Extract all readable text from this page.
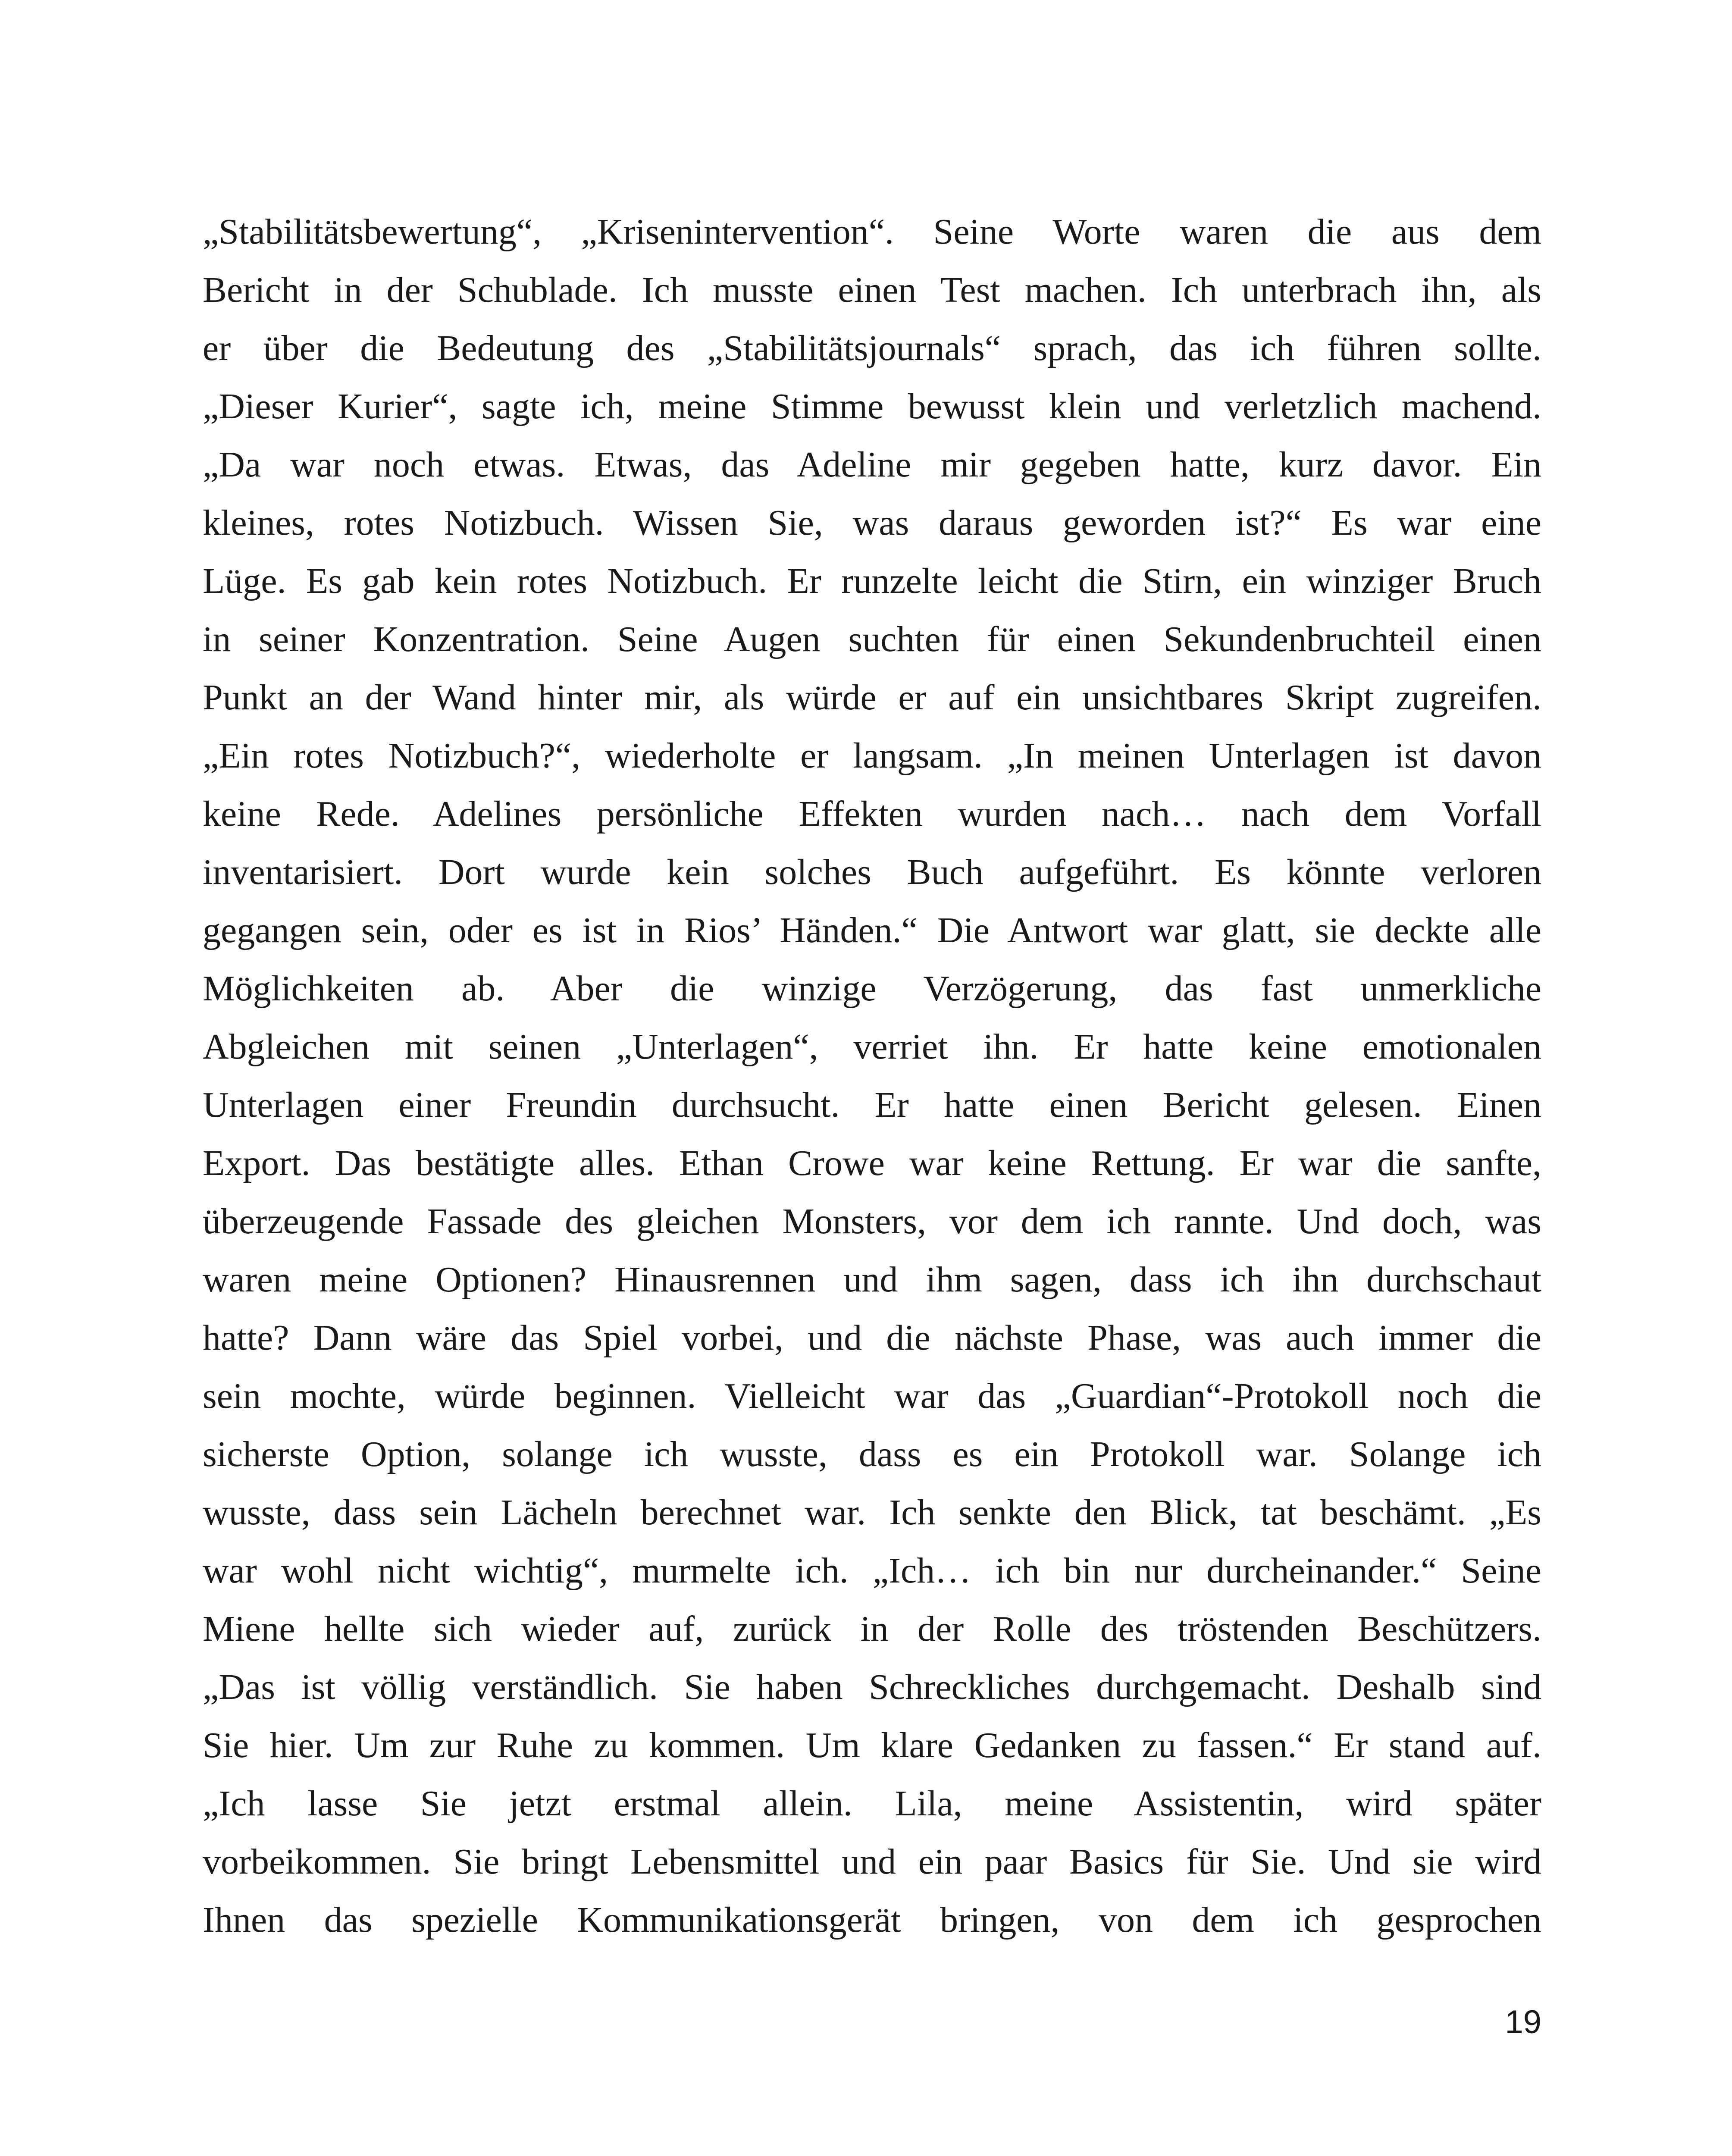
„Stabilitätsbewertung“, „Krisenintervention“. Seine Worte waren die aus dem
Bericht in der Schublade. Ich musste einen Test machen. Ich unterbrach ihn, als
er über die Bedeutung des „Stabilitätsjournals“ sprach, das ich führen sollte.
„Dieser Kurier“, sagte ich, meine Stimme bewusst klein und verletzlich machend.
„Da war noch etwas. Etwas, das Adeline mir gegeben hatte, kurz davor. Ein
kleines, rotes Notizbuch. Wissen Sie, was daraus geworden ist?“ Es war eine
Lüge. Es gab kein rotes Notizbuch. Er runzelte leicht die Stirn, ein winziger Bruch
in seiner Konzentration. Seine Augen suchten für einen Sekundenbruchteil einen
Punkt an der Wand hinter mir, als würde er auf ein unsichtbares Skript zugreifen.
„Ein rotes Notizbuch?“, wiederholte er langsam. „In meinen Unterlagen ist davon
keine Rede. Adelines persönliche Effekten wurden nach… nach dem Vorfall
inventarisiert. Dort wurde kein solches Buch aufgeführt. Es könnte verloren
gegangen sein, oder es ist in Rios’ Händen.“ Die Antwort war glatt, sie deckte alle
Möglichkeiten ab. Aber die winzige Verzögerung, das fast unmerkliche
Abgleichen mit seinen „Unterlagen“, verriet ihn. Er hatte keine emotionalen
Unterlagen einer Freundin durchsucht. Er hatte einen Bericht gelesen. Einen
Export. Das bestätigte alles. Ethan Crowe war keine Rettung. Er war die sanfte,
überzeugende Fassade des gleichen Monsters, vor dem ich rannte. Und doch, was
waren meine Optionen? Hinausrennen und ihm sagen, dass ich ihn durchschaut
hatte? Dann wäre das Spiel vorbei, und die nächste Phase, was auch immer die
sein mochte, würde beginnen. Vielleicht war das „Guardian“-Protokoll noch die
sicherste Option, solange ich wusste, dass es ein Protokoll war. Solange ich
wusste, dass sein Lächeln berechnet war. Ich senkte den Blick, tat beschämt. „Es
war wohl nicht wichtig“, murmelte ich. „Ich… ich bin nur durcheinander.“ Seine
Miene hellte sich wieder auf, zurück in der Rolle des tröstenden Beschützers.
„Das ist völlig verständlich. Sie haben Schreckliches durchgemacht. Deshalb sind
Sie hier. Um zur Ruhe zu kommen. Um klare Gedanken zu fassen.“ Er stand auf.
„Ich lasse Sie jetzt erstmal allein. Lila, meine Assistentin, wird später
vorbeikommen. Sie bringt Lebensmittel und ein paar Basics für Sie. Und sie wird
Ihnen das spezielle Kommunikationsgerät bringen, von dem ich gesprochen
19
